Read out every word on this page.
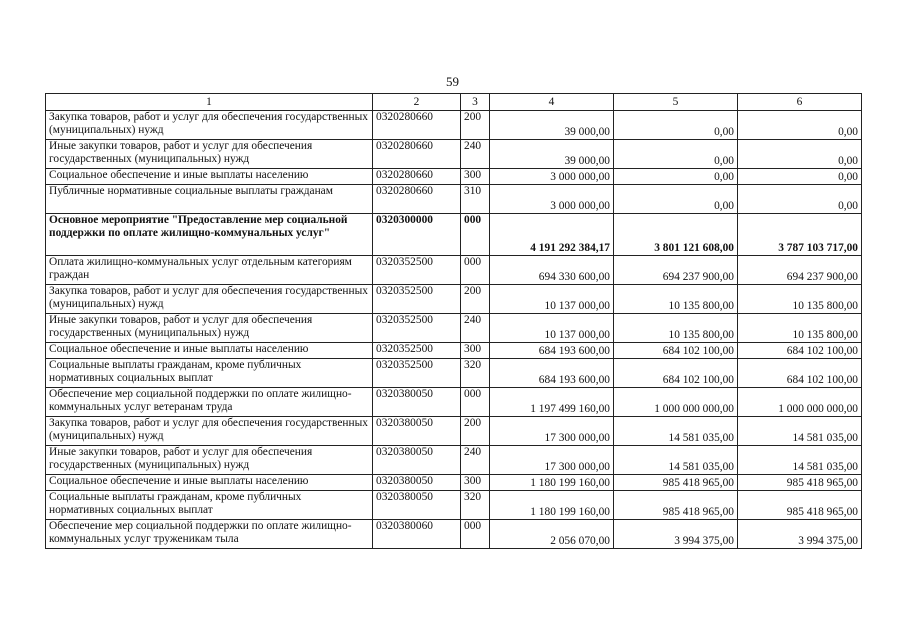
59
1	2	3	4	5	6
Закупка товаров, работ и услуг для обеспечения государственных (муниципальных) нужд	0320280660	200	39 000,00	0,00	0,00
Иные закупки товаров, работ и услуг для обеспечения государственных (муниципальных) нужд	0320280660	240	39 000,00	0,00	0,00
Социальное обеспечение и иные выплаты населению	0320280660	300	3 000 000,00	0,00	0,00
Публичные нормативные социальные выплаты гражданам	0320280660	310	3 000 000,00	0,00	0,00
Основное мероприятие "Предоставление мер социальной поддержки по оплате жилищно-коммунальных услуг"	0320300000	000	4 191 292 384,17	3 801 121 608,00	3 787 103 717,00
Оплата жилищно-коммунальных услуг отдельным категориям граждан	0320352500	000	694 330 600,00	694 237 900,00	694 237 900,00
Закупка товаров, работ и услуг для обеспечения государственных (муниципальных) нужд	0320352500	200	10 137 000,00	10 135 800,00	10 135 800,00
Иные закупки товаров, работ и услуг для обеспечения государственных (муниципальных) нужд	0320352500	240	10 137 000,00	10 135 800,00	10 135 800,00
Социальное обеспечение и иные выплаты населению	0320352500	300	684 193 600,00	684 102 100,00	684 102 100,00
Социальные выплаты гражданам, кроме публичных нормативных социальных выплат	0320352500	320	684 193 600,00	684 102 100,00	684 102 100,00
Обеспечение мер социальной поддержки по оплате жилищно-коммунальных услуг ветеранам труда	0320380050	000	1 197 499 160,00	1 000 000 000,00	1 000 000 000,00
Закупка товаров, работ и услуг для обеспечения государственных (муниципальных) нужд	0320380050	200	17 300 000,00	14 581 035,00	14 581 035,00
Иные закупки товаров, работ и услуг для обеспечения государственных (муниципальных) нужд	0320380050	240	17 300 000,00	14 581 035,00	14 581 035,00
Социальное обеспечение и иные выплаты населению	0320380050	300	1 180 199 160,00	985 418 965,00	985 418 965,00
Социальные выплаты гражданам, кроме публичных нормативных социальных выплат	0320380050	320	1 180 199 160,00	985 418 965,00	985 418 965,00
Обеспечение мер социальной поддержки по оплате жилищно-коммунальных услуг труженикам тыла	0320380060	000	2 056 070,00	3 994 375,00	3 994 375,00
